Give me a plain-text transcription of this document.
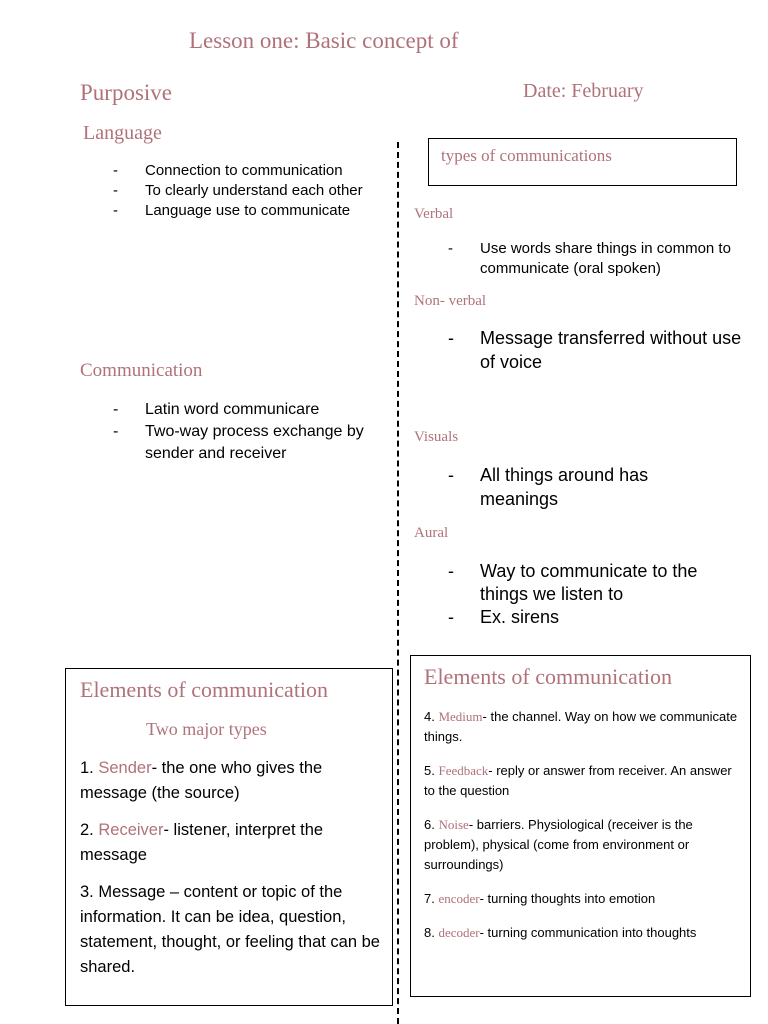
Lesson one: Basic concept of
Purposive	Date: February
Language
- Connection to communication
- To clearly understand each other
- Language use to communicate
Communication
- Latin word communicare
- Two-way process exchange by sender and receiver
types of communications
Verbal
- Use words share things in common to communicate (oral spoken)
Non- verbal
- Message transferred without use of voice
Visuals
- All things around has meanings
Aural
- Way to communicate to the things we listen to
- Ex. sirens
Elements of communication
Two major types

1. Sender- the one who gives the message (the source)

2. Receiver- listener, interpret the message

3. Message – content or topic of the information. It can be idea, question, statement, thought, or feeling that can be shared.

Elements of communication

4. Medium- the channel. Way on how we communicate things.

5. Feedback- reply or answer from receiver. An answer to the question

6. Noise- barriers. Physiological (receiver is the problem), physical (come from environment or surroundings)

7. encoder- turning thoughts into emotion

8. decoder- turning communication into thoughts
